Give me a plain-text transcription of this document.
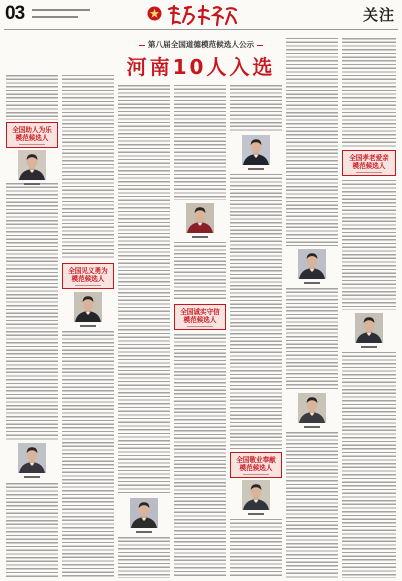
03	关注
第八届全国道德模范候选人公示
河南10人入选
全国助人为乐
模范候选人
全国见义勇为
模范候选人
全国诚实守信
模范候选人
全国敬业奉献
模范候选人
全国孝老爱亲
模范候选人
